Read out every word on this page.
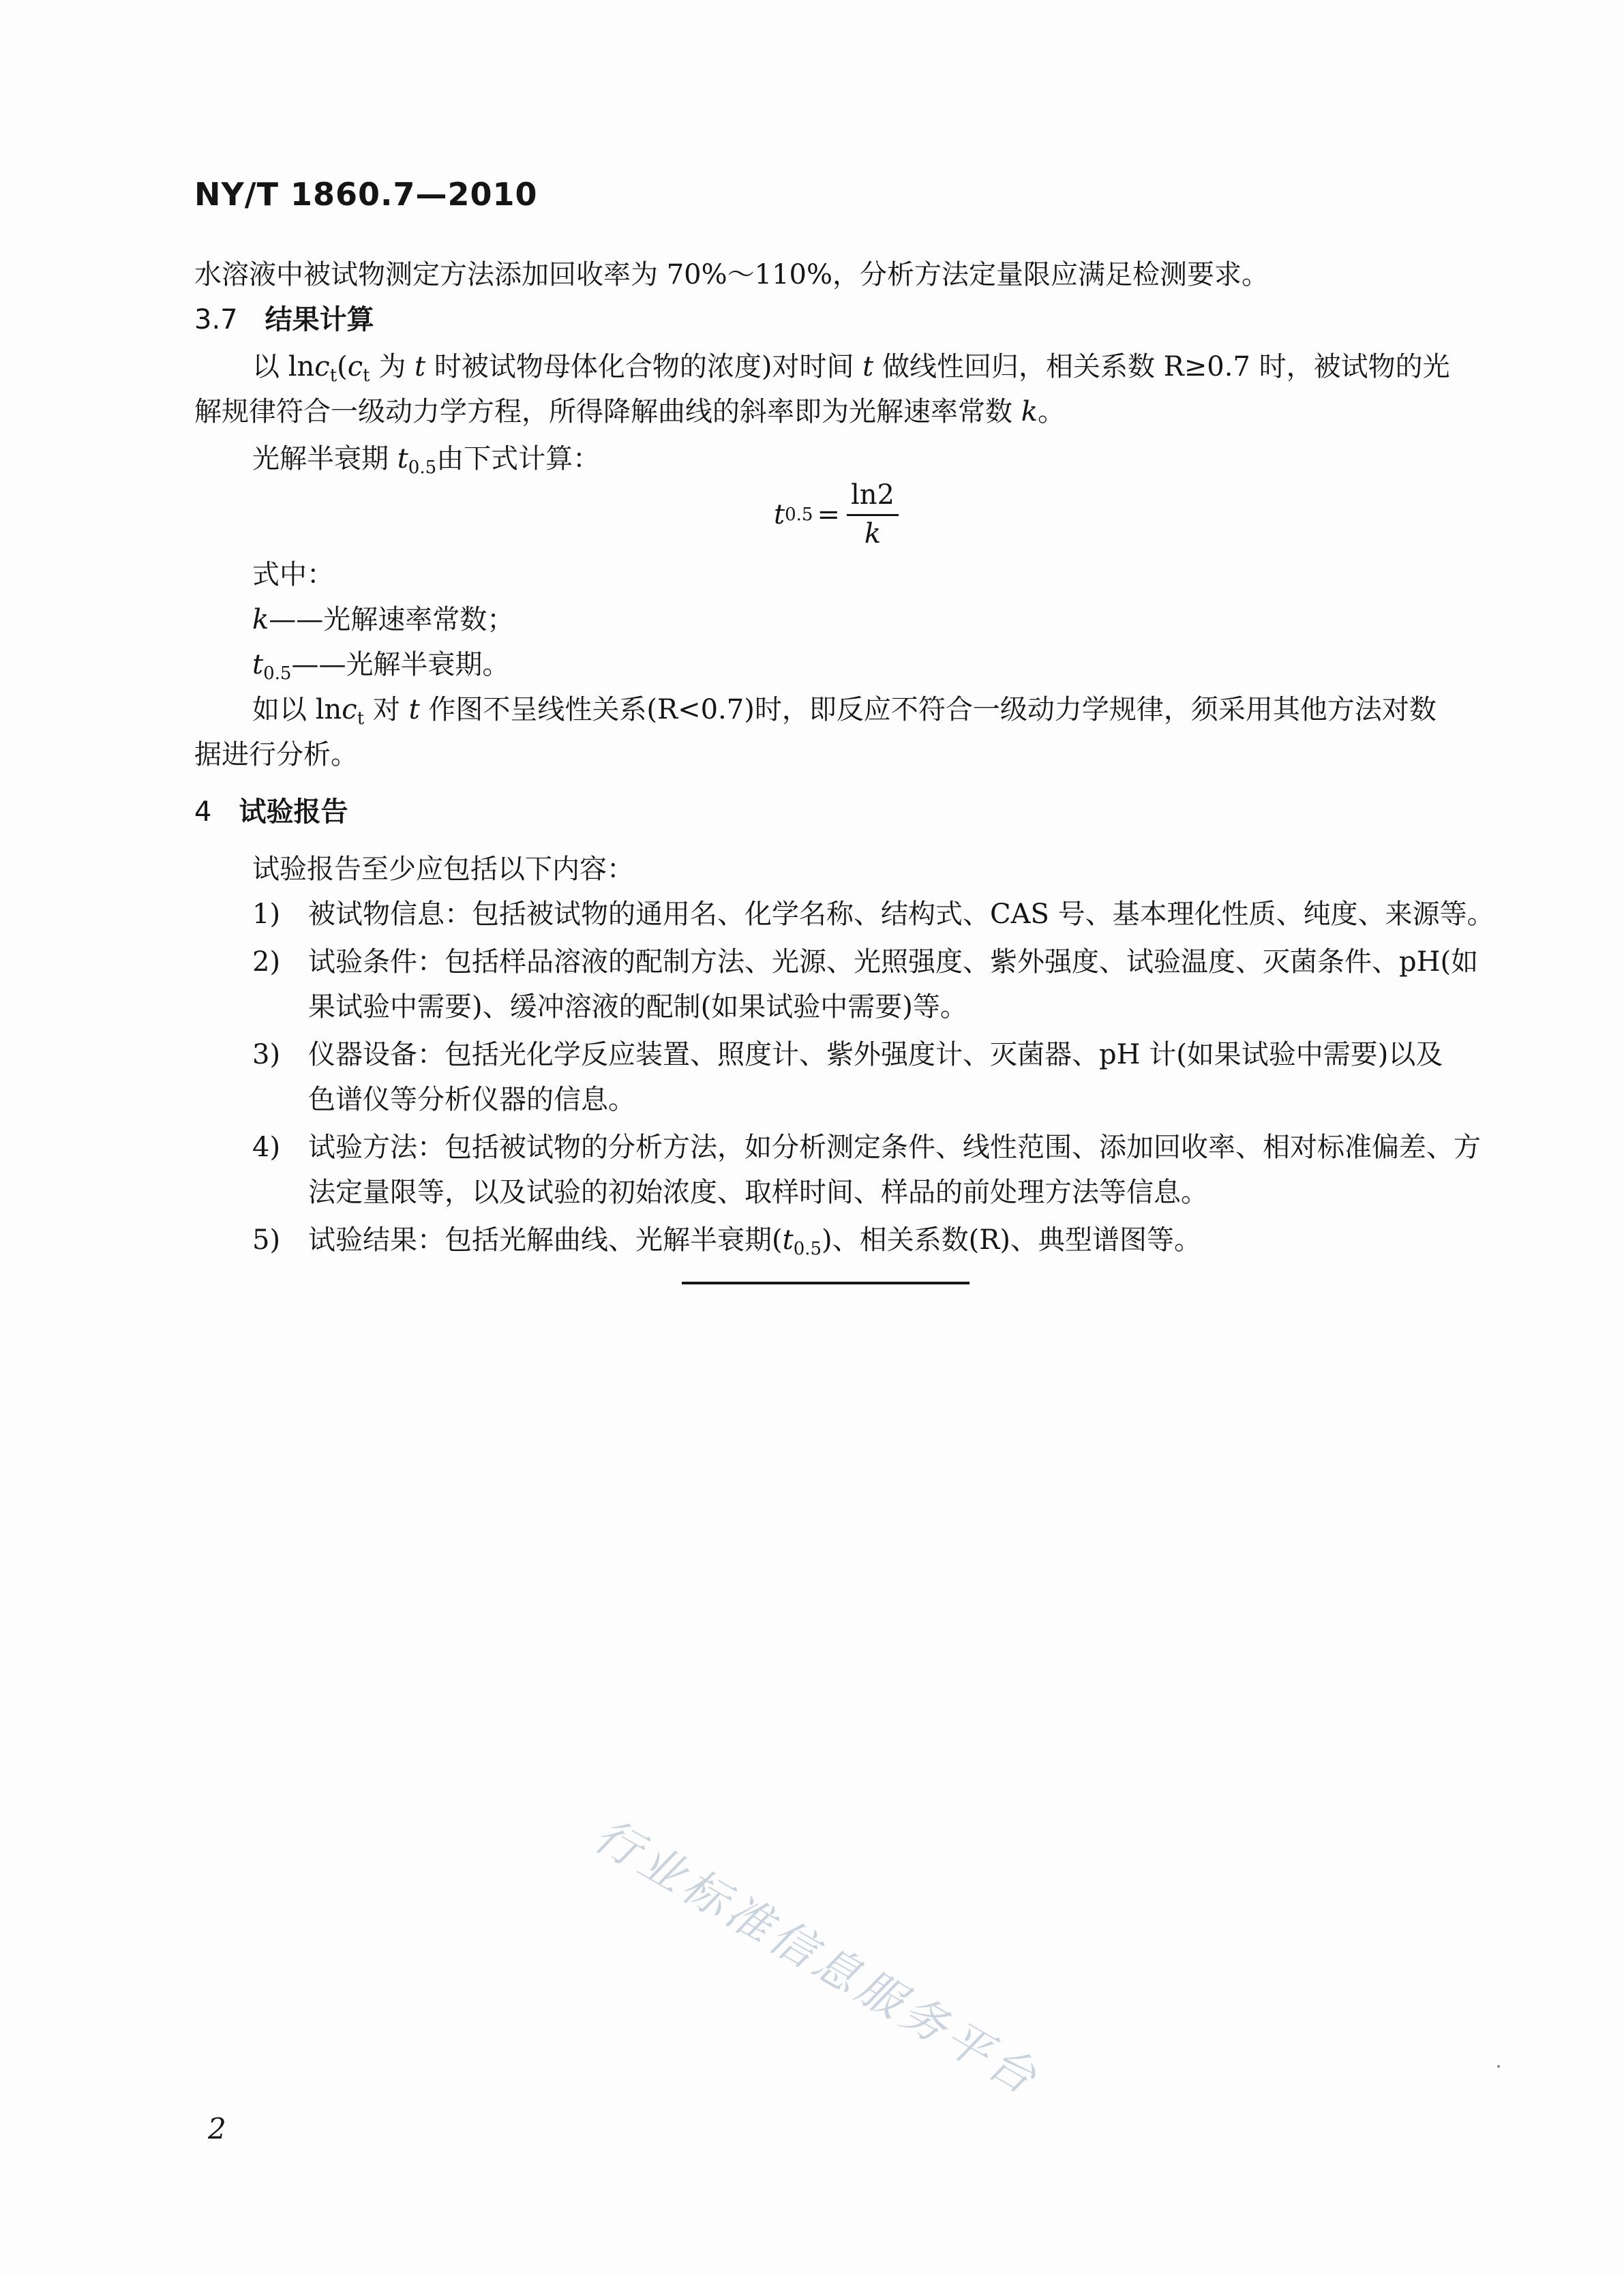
NY/T 1860.7—2010
水溶液中被试物测定方法添加回收率为 70%～110%，分析方法定量限应满足检测要求。
3.7 结果计算
以 $\ln c_t(c_t$ 为 t 时被试物母体化合物的浓度)对时间 t 做线性回归，相关系数 R≥0.7 时，被试物的光
解规律符合一级动力学方程，所得降解曲线的斜率即为光解速率常数 k。
光解半衰期 $t_{0.5}$由下式计算：
t $0.5 = \frac{\ln 2}{k}$
式中：
k——光解速率常数；
$t_{0.5}——$光解半衰期。
如以 lnc$_t$ 对 t 作图不呈线性关系(R<0.7)时，即反应不符合一级动力学规律，须采用其他方法对数
据进行分析。
4 试验报告
试验报告至少应包括以下内容：
1) 被试物信息：包括被试物的通用名、化学名称、结构式、CAS 号、基本理化性质、纯度、来源等。
2) 试验条件：包括样品溶液的配制方法、光源、光照强度、紫外强度、试验温度、灭菌条件、pH(如
果试验中需要)、缓冲溶液的配制(如果试验中需要)等。
3) 仪器设备：包括光化学反应装置、照度计、紫外强度计、灭菌器、pH 计(如果试验中需要)以及
色谱仪等分析仪器的信息。
4) 试验方法：包括被试物的分析方法，如分析测定条件、线性范围、添加回收率、相对标准偏差、方
法定量限等，以及试验的初始浓度、取样时间、样品的前处理方法等信息。
5) 试验结果：包括光解曲线、光解半衰期$(t_{0.5})$、相关系数(R)、典型谱图等。
行业标准信息服务平台
2
